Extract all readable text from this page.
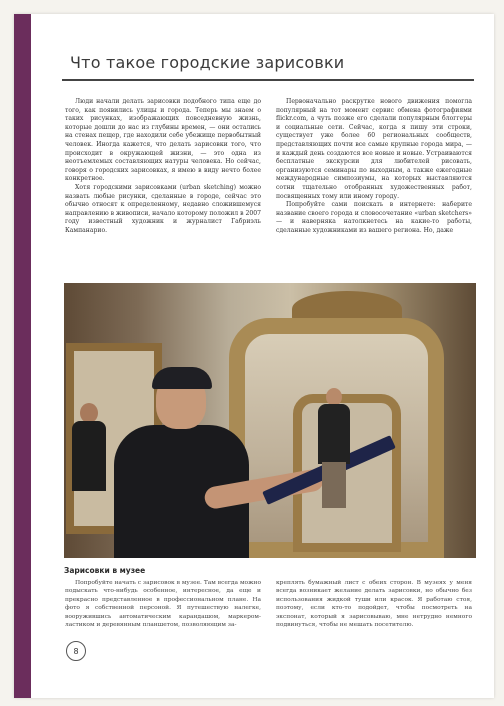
Что такое городские зарисовки

Люди начали делать зарисовки подобного типа еще до того, как появились улицы и города. Теперь мы знаем о таких рисунках, изображающих повседневную жизнь, которые дошли до нас из глубины времен, — они остались на стенах пещер, где находили себе убежище первобытный человек. Иногда кажется, что делать зарисовки того, что происходит в окружающей жизни, — это одна из неотъемлемых составляющих натуры человека. Но сейчас, говоря о городских зарисовках, я имею в виду нечто более конкретное.

Хотя городскими зарисовками (urban sketching) можно назвать любые рисунки, сделанные в городе, сейчас это обычно относят к определенному, недавно сложившемуся направлению в живописи, начало которому положил в 2007 году известный художник и журналист Габриэль Кампанарио.

Первоначально раскрутке нового движения помогла популярный на тот момент сервис обмена фотографиями flickr.com, а чуть позже его сделали популярным блоггеры и социальные сети. Сейчас, когда я пишу эти строки, существует уже более 60 региональных сообществ, представляющих почти все самые крупные города мира, — и каждый день создаются все новые и новые. Устраиваются бесплатные экскурсии для любителей рисовать, организуются семинары по выходным, а также ежегодные международные симпозиумы, на которых выставляются сотни тщательно отобранных художественных работ, посвященных тому или иному городу.

Попробуйте сами поискать в интернете: наберите название своего города и словосочетание «urban sketchers» — и наверняка натолкнетесь на какие-то работы, сделанные художниками из вашего региона. Но, даже

Зарисовки в музее

Попробуйте начать с зарисовок в музее. Там всегда можно подыскать что-нибудь особенное, интересное, да еще и прекрасно представленное в профессиональном плане. На фото я собственной персоной. Я путешествую налегке, вооружившись автоматическим карандашом, маркером-ластиком и деревянным планшетом, позволяющим за-

креплять бумажный лист с обеих сторон. В музеях у меня всегда возникает желание делать зарисовки, но обычно без использования жидкой туши или красок. Я работаю стоя, поэтому, если кто-то подойдет, чтобы посмотреть на экспонат, который я зарисовываю, мне нетрудно немного подвинуться, чтобы не мешать посетителю.

8
